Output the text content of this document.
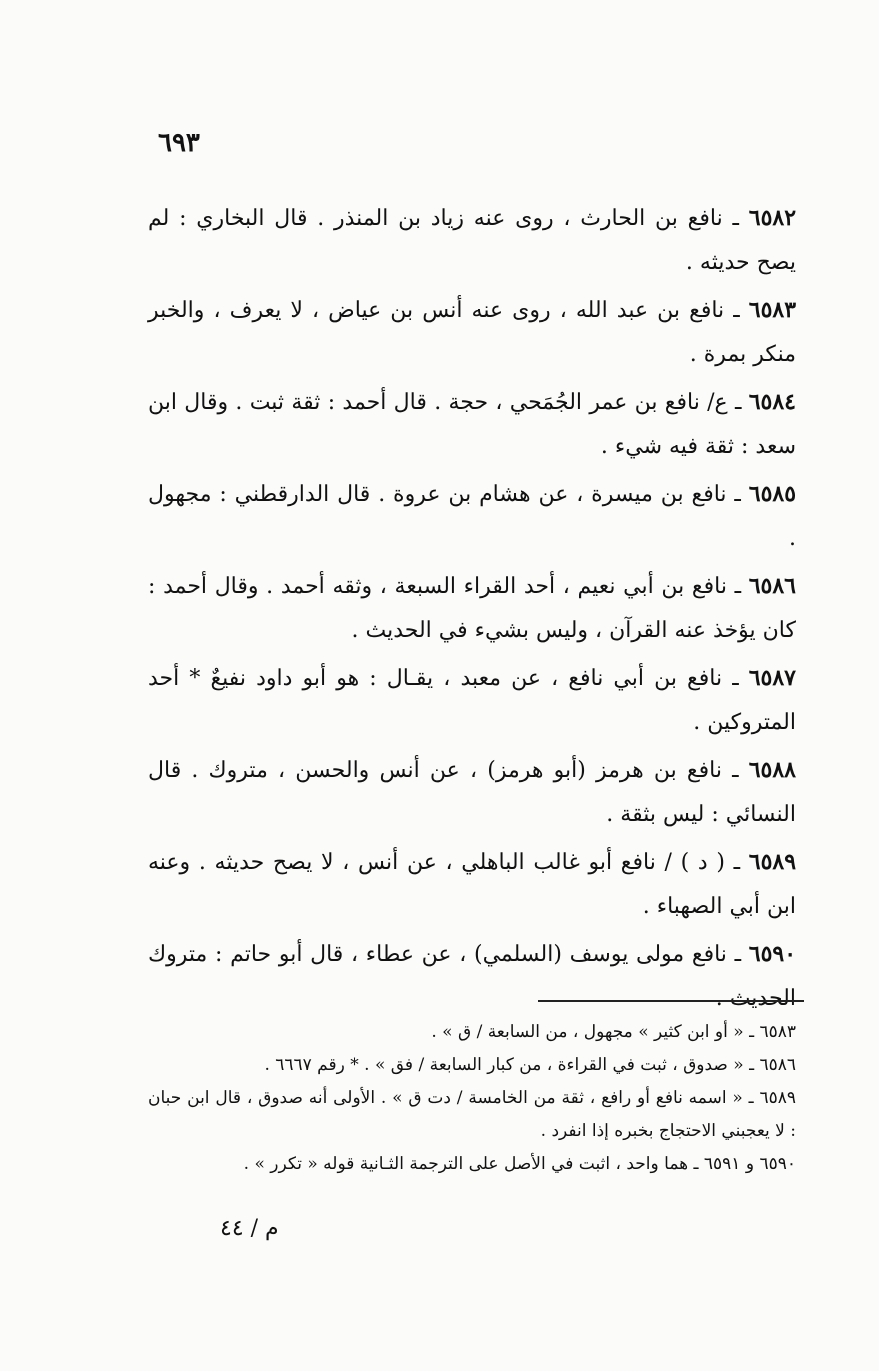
٦٩٣

٦٥٨٢ ـ نافع بن الحارث ، روى عنه زياد بن المنذر . قال البخاري : لم يصح حديثه .

٦٥٨٣ ـ نافع بن عبد الله ، روى عنه أنس بن عياض ، لا يعرف ، والخبر منكر بمرة .

٦٥٨٤ ـ ع/ نافع بن عمر الجُمَحي ، حجة . قال أحمد : ثقة ثبت . وقال ابن سعد : ثقة فيه شيء .

٦٥٨٥ ـ نافع بن ميسرة ، عن هشام بن عروة . قال الدارقطني : مجهول .

٦٥٨٦ ـ نافع بن أبي نعيم ، أحد القراء السبعة ، وثقه أحمد . وقال أحمد : كان يؤخذ عنه القرآن ، وليس بشيء في الحديث .

٦٥٨٧ ـ نافع بن أبي نافع ، عن معبد ، يقـال : هو أبو داود نفيعٌ * أحد المتروكين .

٦٥٨٨ ـ نافع بن هرمز (أبو هرمز) ، عن أنس والحسن ، متروك . قال النسائي : ليس بثقة .

٦٥٨٩ ـ ( د ) / نافع أبو غالب الباهلي ، عن أنس ، لا يصح حديثه . وعنه ابن أبي الصهباء .

٦٥٩٠ ـ نافع مولى يوسف (السلمي) ، عن عطاء ، قال أبو حاتم : متروك الحديث .

٦٥٨٣ ـ « أو ابن كثير » مجهول ، من السابعة / ق » .

٦٥٨٦ ـ « صدوق ، ثبت في القراءة ، من كبار السابعة / فق » . * رقم ٦٦٦٧ .

٦٥٨٩ ـ « اسمه نافع أو رافع ، ثقة من الخامسة / دت ق » . الأولى أنه صدوق ، قال ابن حبان : لا يعجبني الاحتجاج بخبره إذا انفرد .

٦٥٩٠ و ٦٥٩١ ـ هما واحد ، اثبت في الأصل على الترجمة الثـانية قوله « تكرر » .

م / ٤٤
